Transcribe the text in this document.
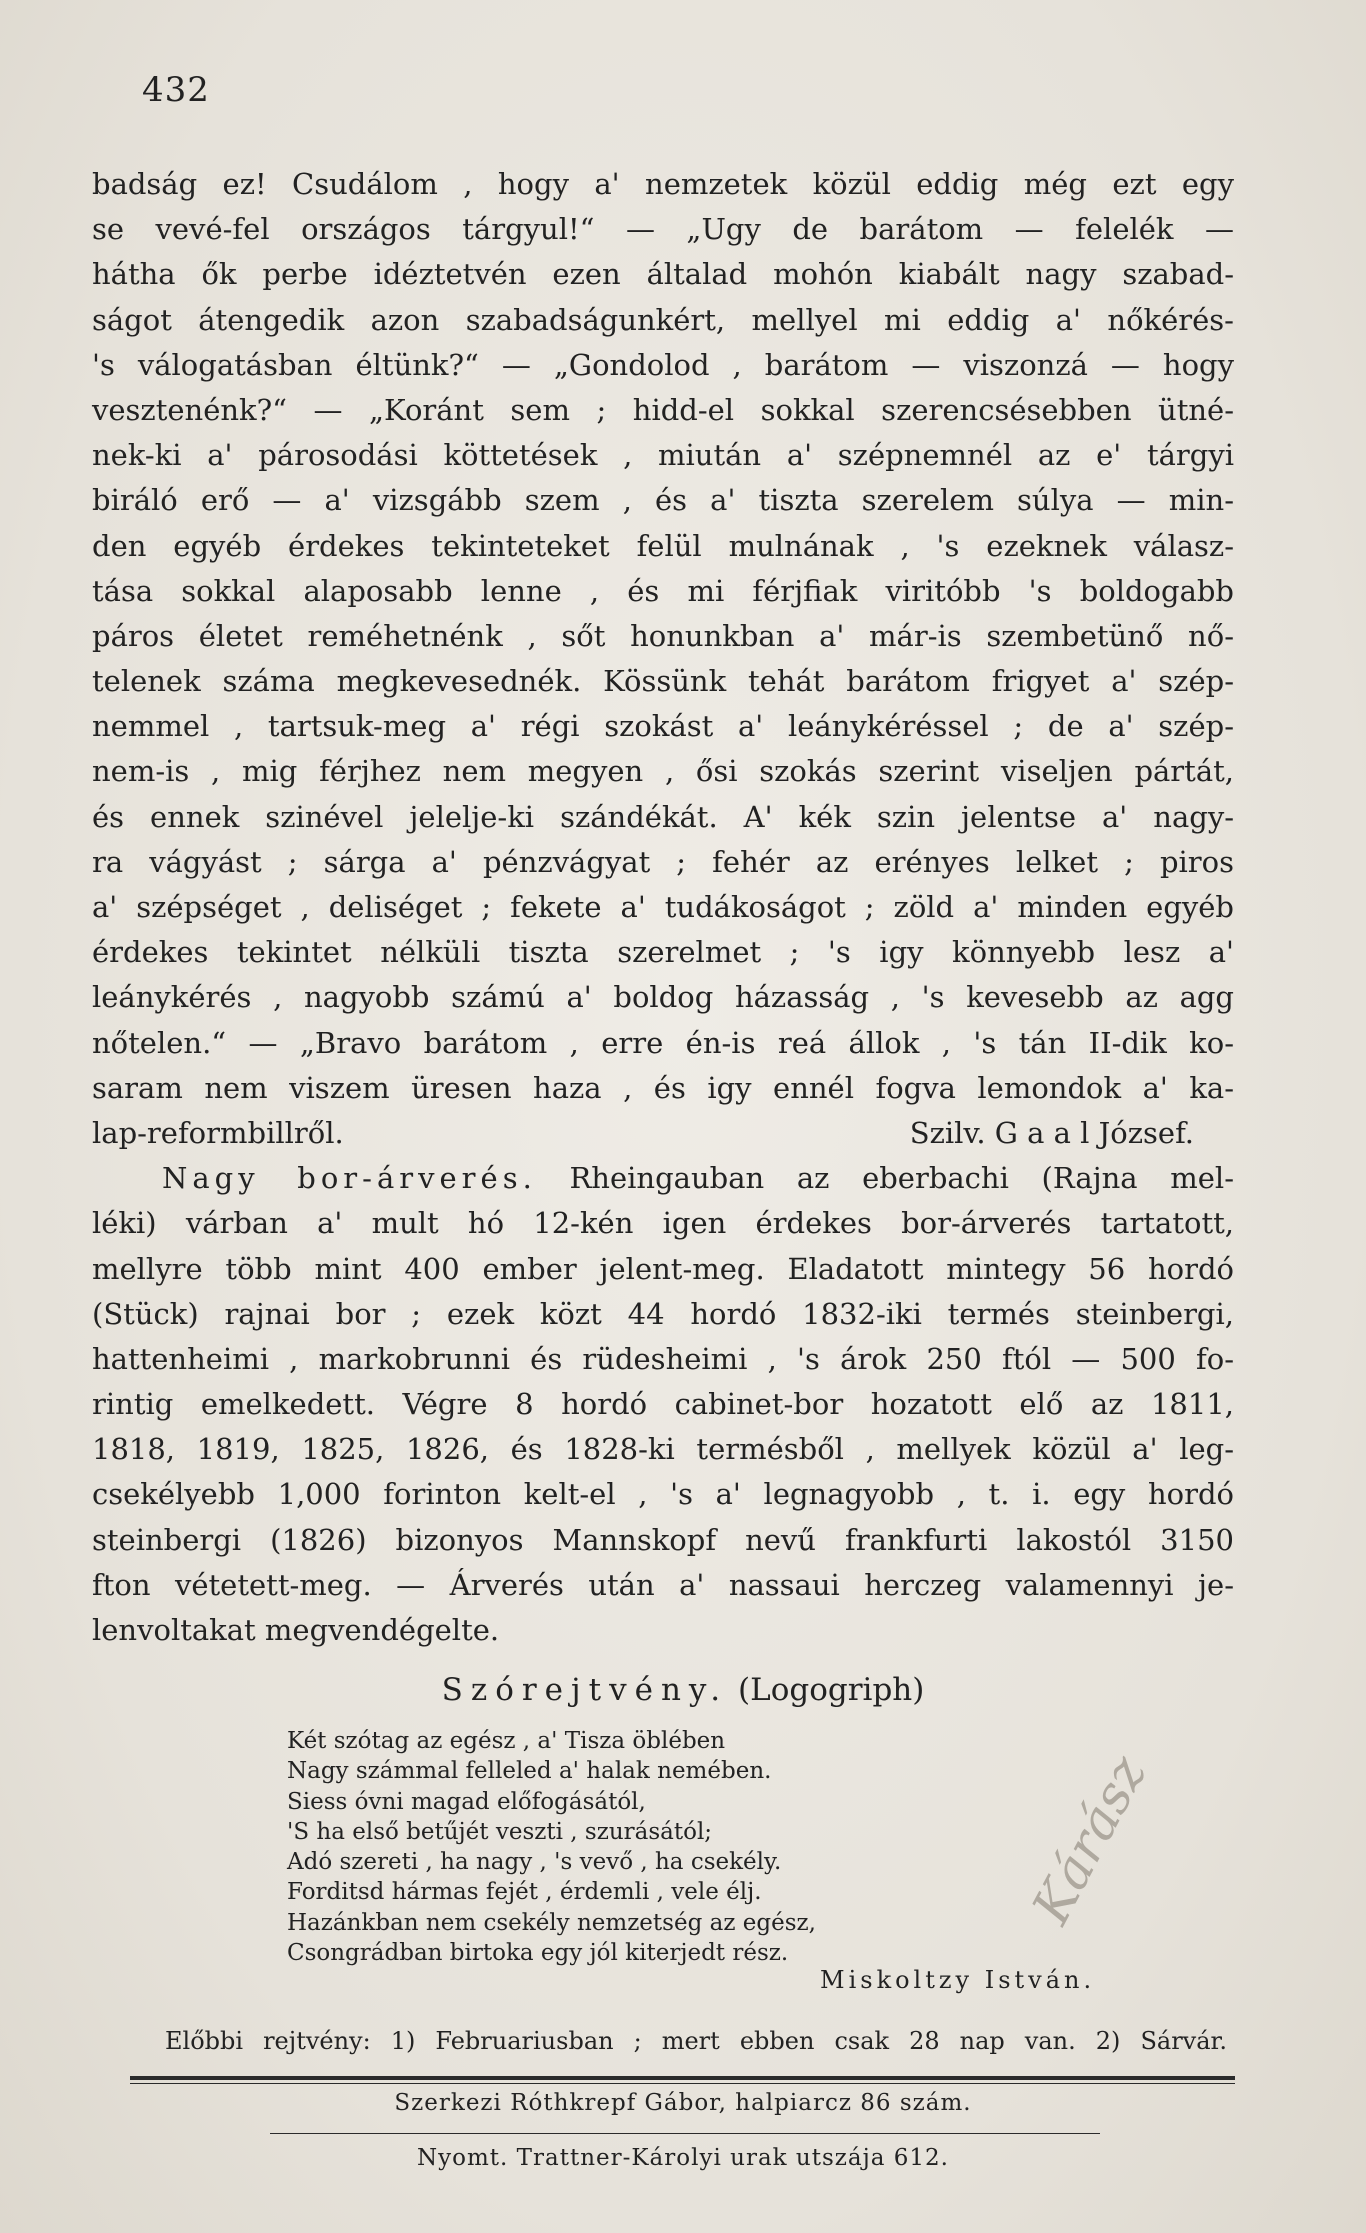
432
badság ez! Csudálom , hogy a' nemzetek közül eddig még ezt egy
se vevé-fel országos tárgyul!“ — „Ugy de barátom — felelék —
hátha ők perbe idéztetvén ezen általad mohón kiabált nagy szabad-
ságot átengedik azon szabadságunkért, mellyel mi eddig a' nőkérés-
's válogatásban éltünk?“ — „Gondolod , barátom — viszonzá — hogy
vesztenénk?“ — „Koránt sem ; hidd-el sokkal szerencsésebben ütné-
nek-ki a' párosodási köttetések , miután a' szépnemnél az e' tárgyi
biráló erő — a' vizsgább szem , és a' tiszta szerelem súlya — min-
den egyéb érdekes tekinteteket felül mulnának , 's ezeknek válasz-
tása sokkal alaposabb lenne , és mi férjfiak viritóbb 's boldogabb
páros életet reméhetnénk , sőt honunkban a' már-is szembetünő nő-
telenek száma megkevesednék. Kössünk tehát barátom frigyet a' szép-
nemmel , tartsuk-meg a' régi szokást a' leánykéréssel ; de a' szép-
nem-is , mig férjhez nem megyen , ősi szokás szerint viseljen pártát,
és ennek szinével jelelje-ki szándékát. A' kék szin jelentse a' nagy-
ra vágyást ; sárga a' pénzvágyat ; fehér az erényes lelket ; piros
a' szépséget , deliséget ; fekete a' tudákoságot ; zöld a' minden egyéb
érdekes tekintet nélküli tiszta szerelmet ; 's igy könnyebb lesz a'
leánykérés , nagyobb számú a' boldog házasság , 's kevesebb az agg
nőtelen.“ — „Bravo barátom , erre én-is reá állok , 's tán II-dik ko-
saram nem viszem üresen haza , és igy ennél fogva lemondok a' ka-
lap-reformbillről.	Szilv. G a a l József.
Nagy bor-árverés. Rheingauban az eberbachi (Rajna mel-
léki) várban a' mult hó 12-kén igen érdekes bor-árverés tartatott,
mellyre több mint 400 ember jelent-meg. Eladatott mintegy 56 hordó
(Stück) rajnai bor ; ezek közt 44 hordó 1832-iki termés steinbergi,
hattenheimi , markobrunni és rüdesheimi , 's árok 250 ftól — 500 fo-
rintig emelkedett. Végre 8 hordó cabinet-bor hozatott elő az 1811,
1818, 1819, 1825, 1826, és 1828-ki termésből , mellyek közül a' leg-
csekélyebb 1,000 forinton kelt-el , 's a' legnagyobb , t. i. egy hordó
steinbergi (1826) bizonyos Mannskopf nevű frankfurti lakostól 3150
fton vétetett-meg. — Árverés után a' nassaui herczeg valamennyi je-
lenvoltakat megvendégelte.
Szórejtvény. (Logogriph)
Két szótag az egész , a' Tisza öblében
Nagy számmal felleled a' halak nemében.
Siess óvni magad előfogásától,
'S ha első betűjét veszti , szurásától;
Adó szereti , ha nagy , 's vevő , ha csekély.
Forditsd hármas fejét , érdemli , vele élj.
Hazánkban nem csekély nemzetség az egész,
Csongrádban birtoka egy jól kiterjedt rész.
Kárász
Miskoltzy István.
Előbbi rejtvény: 1) Februariusban ; mert ebben csak 28 nap van. 2) Sárvár.
Szerkezi Róthkrepf Gábor, halpiarcz 86 szám.
Nyomt. Trattner-Károlyi urak utszája 612.
